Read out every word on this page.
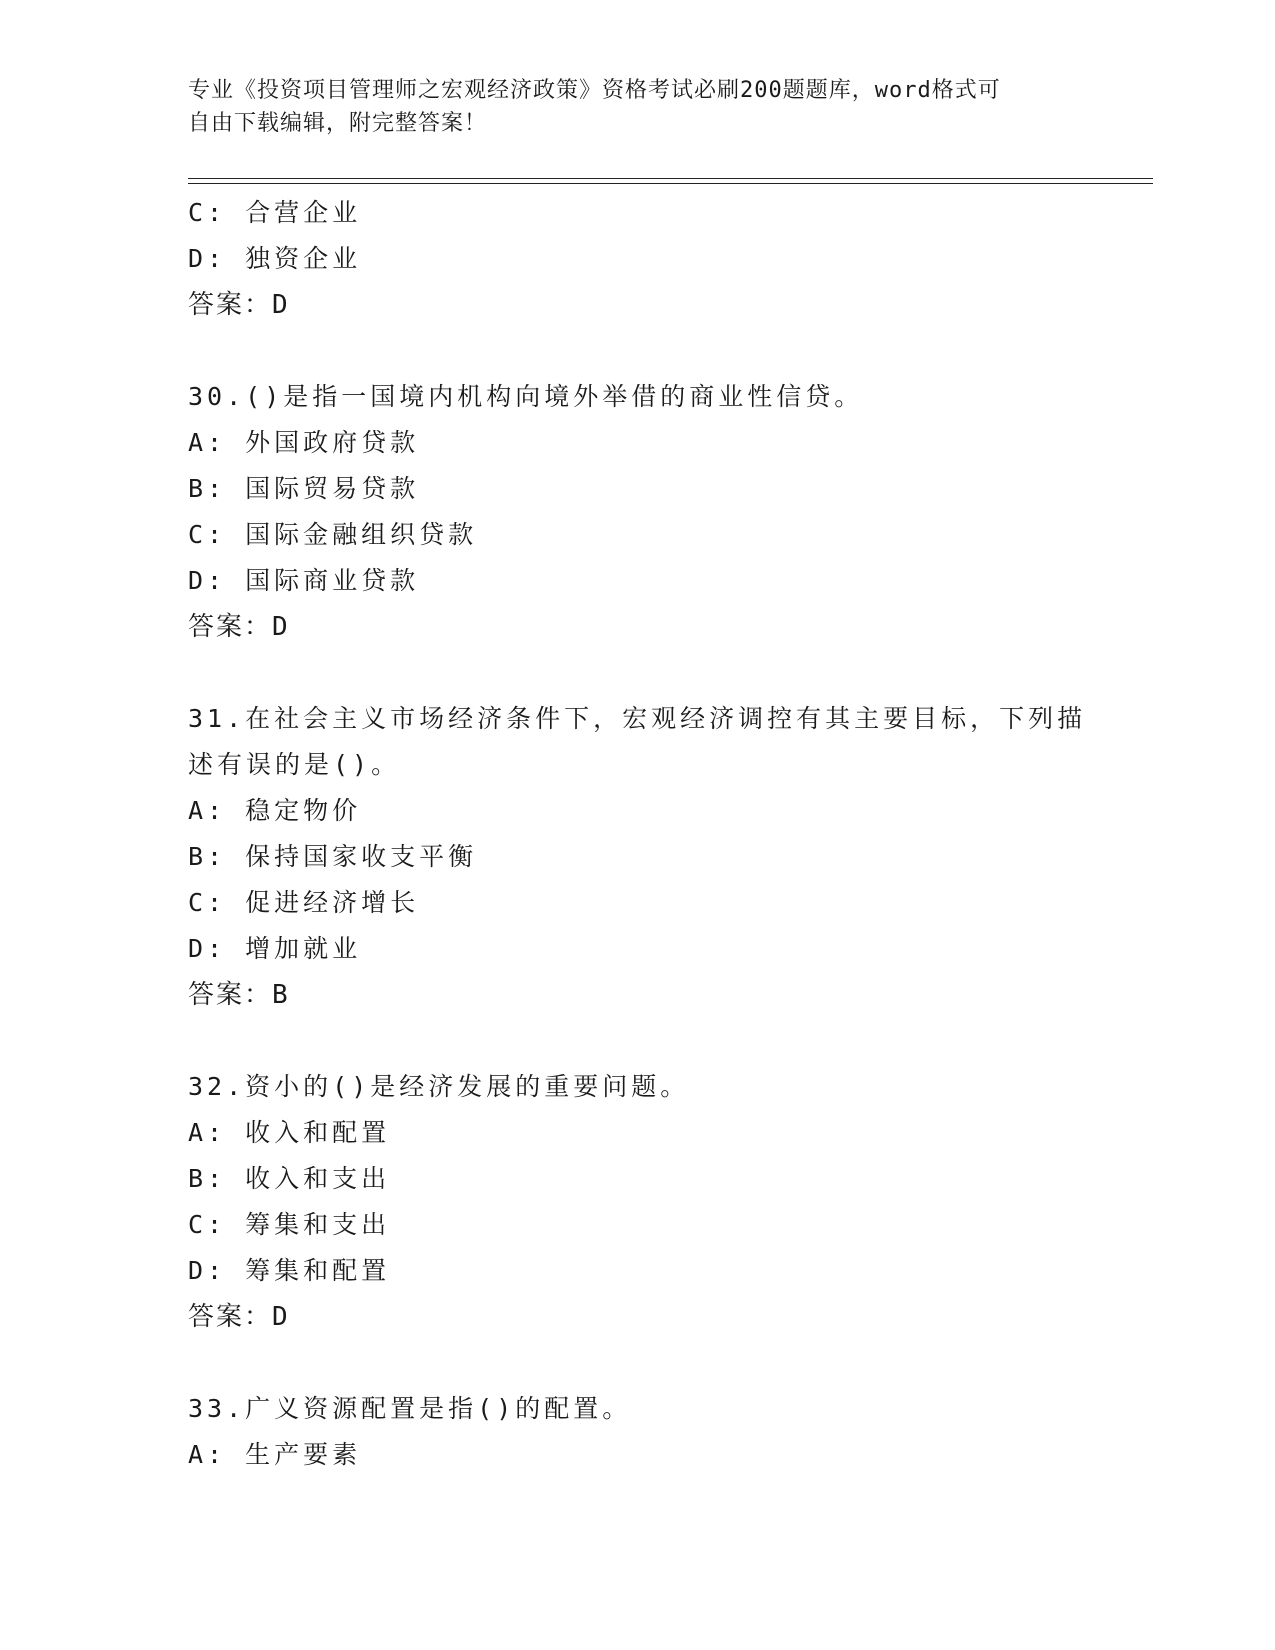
专业《投资项目管理师之宏观经济政策》资格考试必刷200题题库，word格式可
自由下载编辑，附完整答案！
C: 合营企业
D: 独资企业
答案：D
30.()是指一国境内机构向境外举借的商业性信贷。
A: 外国政府贷款
B: 国际贸易贷款
C: 国际金融组织贷款
D: 国际商业贷款
答案：D
31.在社会主义市场经济条件下，宏观经济调控有其主要目标，下列描
述有误的是()。
A: 稳定物价
B: 保持国家收支平衡
C: 促进经济增长
D: 增加就业
答案：B
32.资小的()是经济发展的重要问题。
A: 收入和配置
B: 收入和支出
C: 筹集和支出
D: 筹集和配置
答案：D
33.广义资源配置是指()的配置。
A: 生产要素
